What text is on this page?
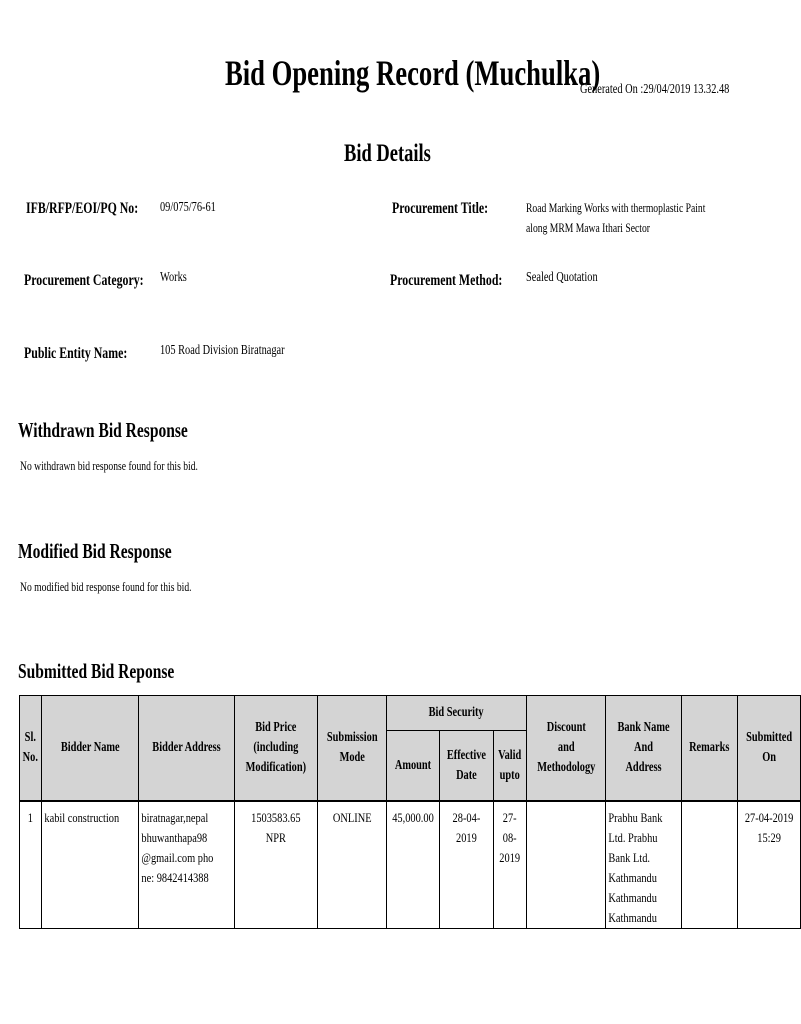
Bid Opening Record (Muchulka)
Generated On :29/04/2019 13.32.48
Bid Details
IFB/RFP/EOI/PQ No:	09/075/76-61	Procurement Title:	Road Marking Works with thermoplastic Paint along MRM Mawa Ithari Sector
Procurement Category:	Works	Procurement Method:	Sealed Quotation
Public Entity Name:	105 Road Division Biratnagar
Withdrawn Bid Response
No withdrawn bid response found for this bid.
Modified Bid Response
No modified bid response found for this bid.
Submitted Bid Reponse
Sl. No.	Bidder Name	Bidder Address	Bid Price (including Modification)	Submission Mode	Bid Security			Discount and Methodology	Bank Name And Address	Remarks	Submitted On

					Amount	Effective Date	Valid upto				

1	kabil construction	biratnagar,nepal bhuwanthapa98@gmail.com phone: 9842414388	1503583.65 NPR	ONLINE	45,000.00	28-04-2019	27-08-2019		Prabhu Bank Ltd. Prabhu Bank Ltd. Kathmandu Kathmandu Kathmandu		27-04-2019 15:29
